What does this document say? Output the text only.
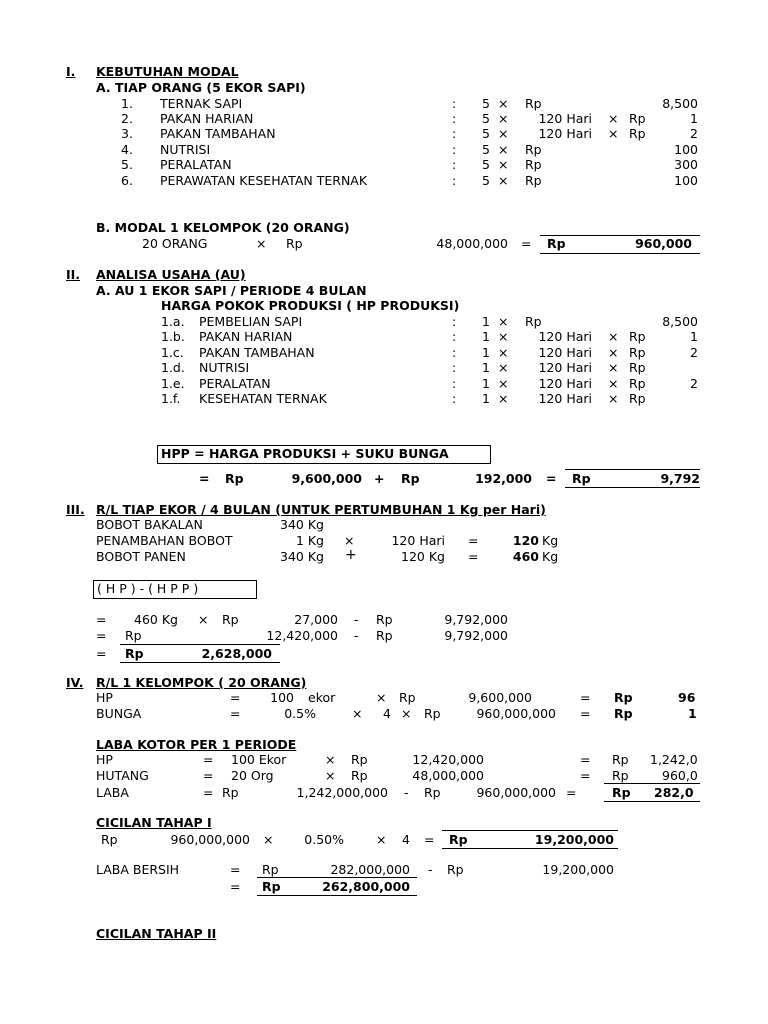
I. KEBUTUHAN MODAL
A. TIAP ORANG (5 EKOR SAPI)
1. TERNAK SAPI	:	5 × Rp	8,500
2. PAKAN HARIAN	:	5 ×	120 Hari × Rp	1
3. PAKAN TAMBAHAN	:	5 ×	120 Hari × Rp	2
4. NUTRISI	:	5 × Rp	100
5. PERALATAN	:	5 × Rp	300
6. PERAWATAN KESEHATAN TERNAK	:	5 × Rp	100
B. MODAL 1 KELOMPOK (20 ORANG)
20 ORANG	× Rp	48,000,000 = Rp	960,000
II. ANALISA USAHA (AU)
A. AU 1 EKOR SAPI / PERIODE 4 BULAN
HARGA POKOK PRODUKSI ( HP PRODUKSI)
1.a. PEMBELIAN SAPI	:	1 × Rp	8,500
1.b. PAKAN HARIAN	:	1 ×	120 Hari × Rp	1
1.c. PAKAN TAMBAHAN	:	1 ×	120 Hari × Rp	2
1.d. NUTRISI	:	1 ×	120 Hari × Rp
1.e. PERALATAN	:	1 ×	120 Hari × Rp	2
1.f. KESEHATAN TERNAK	:	1 ×	120 Hari × Rp
HPP = HARGA PRODUKSI + SUKU BUNGA
= Rp	9,600,000 + Rp	192,000 = Rp	9,792
III. R/L TIAP EKOR / 4 BULAN (UNTUK PERTUMBUHAN 1 Kg per Hari)
BOBOT BAKALAN	340 Kg
PENAMBAHAN BOBOT	1 Kg ×	120 Hari =	120 Kg
BOBOT PANEN	340 Kg +	120 Kg =	460 Kg
( H P ) - ( H P P )
=	460 Kg × Rp	27,000 - Rp	9,792,000
= Rp	12,420,000 - Rp	9,792,000
= Rp	2,628,000
IV. R/L 1 KELOMPOK ( 20 ORANG)
HP	=	100 ekor	× Rp	9,600,000	= Rp	96
BUNGA	=	0.5%	× 4 × Rp	960,000,000 = Rp	1
LABA KOTOR PER 1 PERIODE
HP	= 100 Ekor	× Rp	12,420,000	= Rp 1,242,0
HUTANG	= 20 Org	× Rp	48,000,000	= Rp	960,0
LABA	= Rp	1,242,000,000 - Rp	960,000,000 =	Rp 282,0
CICILAN TAHAP I
Rp	960,000,000 ×	0.50%	× 4 = Rp	19,200,000
LABA BERSIH	= Rp	282,000,000 - Rp	19,200,000
= Rp	262,800,000
CICILAN TAHAP II
